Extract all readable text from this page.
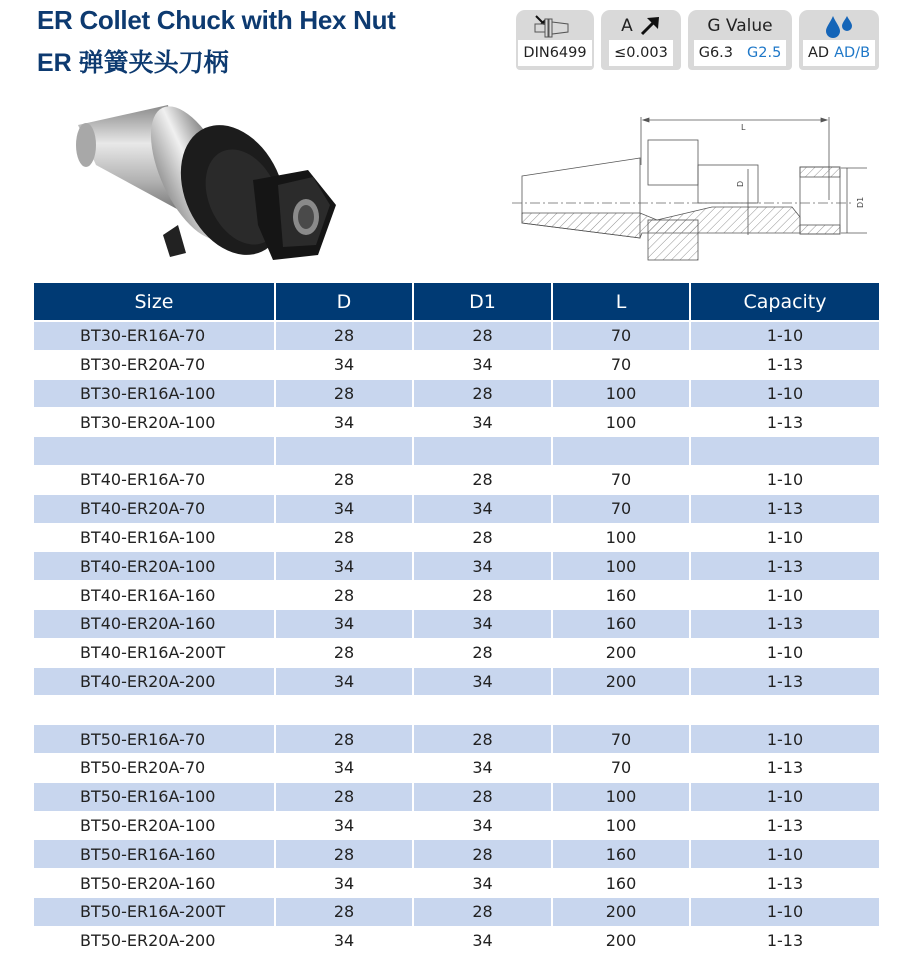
ER Collet Chuck with Hex Nut
ER 弹簧夹头刀柄	DIN6499
A
≤0.003
G Value
G6.3 G2.5 AD AD/B
L
D
D1
Size	D	D1	L	Capacity
BT30-ER16A-70	28	28	70	1-10
BT30-ER20A-70	34	34	70	1-13
BT30-ER16A-100	28	28	100	1-10
BT30-ER20A-100	34	34	100	1-13

BT40-ER16A-70	28	28	70	1-10
BT40-ER20A-70	34	34	70	1-13
BT40-ER16A-100	28	28	100	1-10
BT40-ER20A-100	34	34	100	1-13
BT40-ER16A-160	28	28	160	1-10
BT40-ER20A-160	34	34	160	1-13
BT40-ER16A-200T	28	28	200	1-10
BT40-ER20A-200	34	34	200	1-13

BT50-ER16A-70	28	28	70	1-10
BT50-ER20A-70	34	34	70	1-13
BT50-ER16A-100	28	28	100	1-10
BT50-ER20A-100	34	34	100	1-13
BT50-ER16A-160	28	28	160	1-10
BT50-ER20A-160	34	34	160	1-13
BT50-ER16A-200T	28	28	200	1-10
BT50-ER20A-200	34	34	200	1-13
